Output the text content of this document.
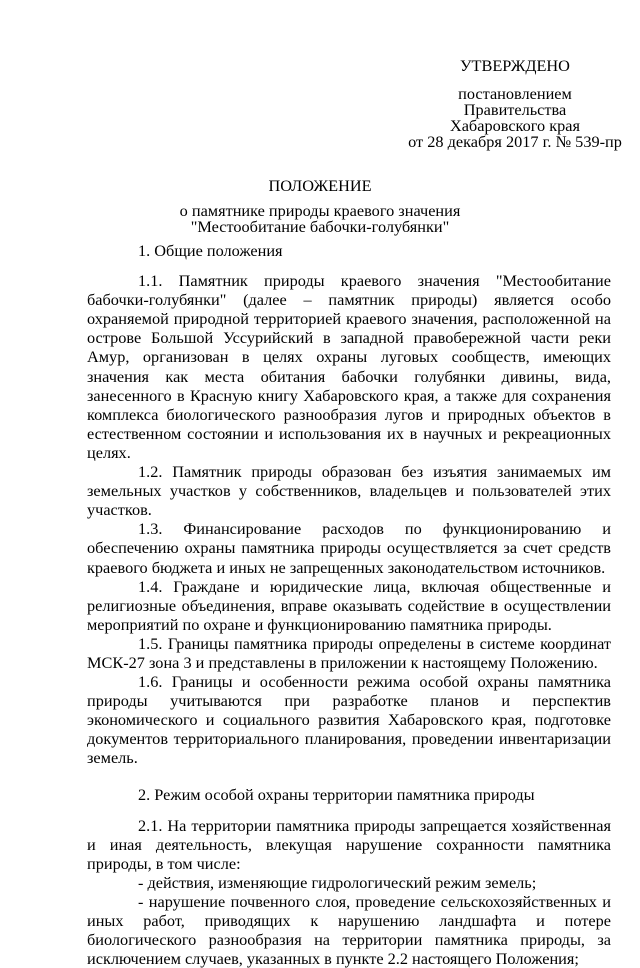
УТВЕРЖДЕНО
постановлением
Правительства
Хабаровского края
от 28 декабря 2017 г. № 539-пр
ПОЛОЖЕНИЕ
о памятнике природы краевого значения
"Местообитание бабочки-голубянки"

1. Общие положения

1.1. Памятник природы краевого значения "Местообитание бабочки-голубянки" (далее – памятник природы) является особо охраняемой природной территорией краевого значения, расположенной на острове Большой Уссурийский в западной правобережной части реки Амур, организован в целях охраны луговых сообществ, имеющих значения как места обитания бабочки голубянки дивины, вида, занесенного в Красную книгу Хабаровского края, а также для сохранения комплекса биологического разнообразия лугов и природных объектов в естественном состоянии и использования их в научных и рекреационных целях.

1.2. Памятник природы образован без изъятия занимаемых им земельных участков у собственников, владельцев и пользователей этих участков.

1.3. Финансирование расходов по функционированию и обеспечению охраны памятника природы осуществляется за счет средств краевого бюджета и иных не запрещенных законодательством источников.

1.4. Граждане и юридические лица, включая общественные и религиозные объединения, вправе оказывать содействие в осуществлении мероприятий по охране и функционированию памятника природы.

1.5. Границы памятника природы определены в системе координат МСК-27 зона 3 и представлены в приложении к настоящему Положению.

1.6. Границы и особенности режима особой охраны памятника природы учитываются при разработке планов и перспектив экономического и социального развития Хабаровского края, подготовке документов территориального планирования, проведении инвентаризации земель.

2. Режим особой охраны территории памятника природы

2.1. На территории памятника природы запрещается хозяйственная и иная деятельность, влекущая нарушение сохранности памятника природы, в том числе:

- действия, изменяющие гидрологический режим земель;

- нарушение почвенного слоя, проведение сельскохозяйственных и иных работ, приводящих к нарушению ландшафта и потере биологического разнообразия на территории памятника природы, за исключением случаев, указанных в пункте 2.2 настоящего Положения;
